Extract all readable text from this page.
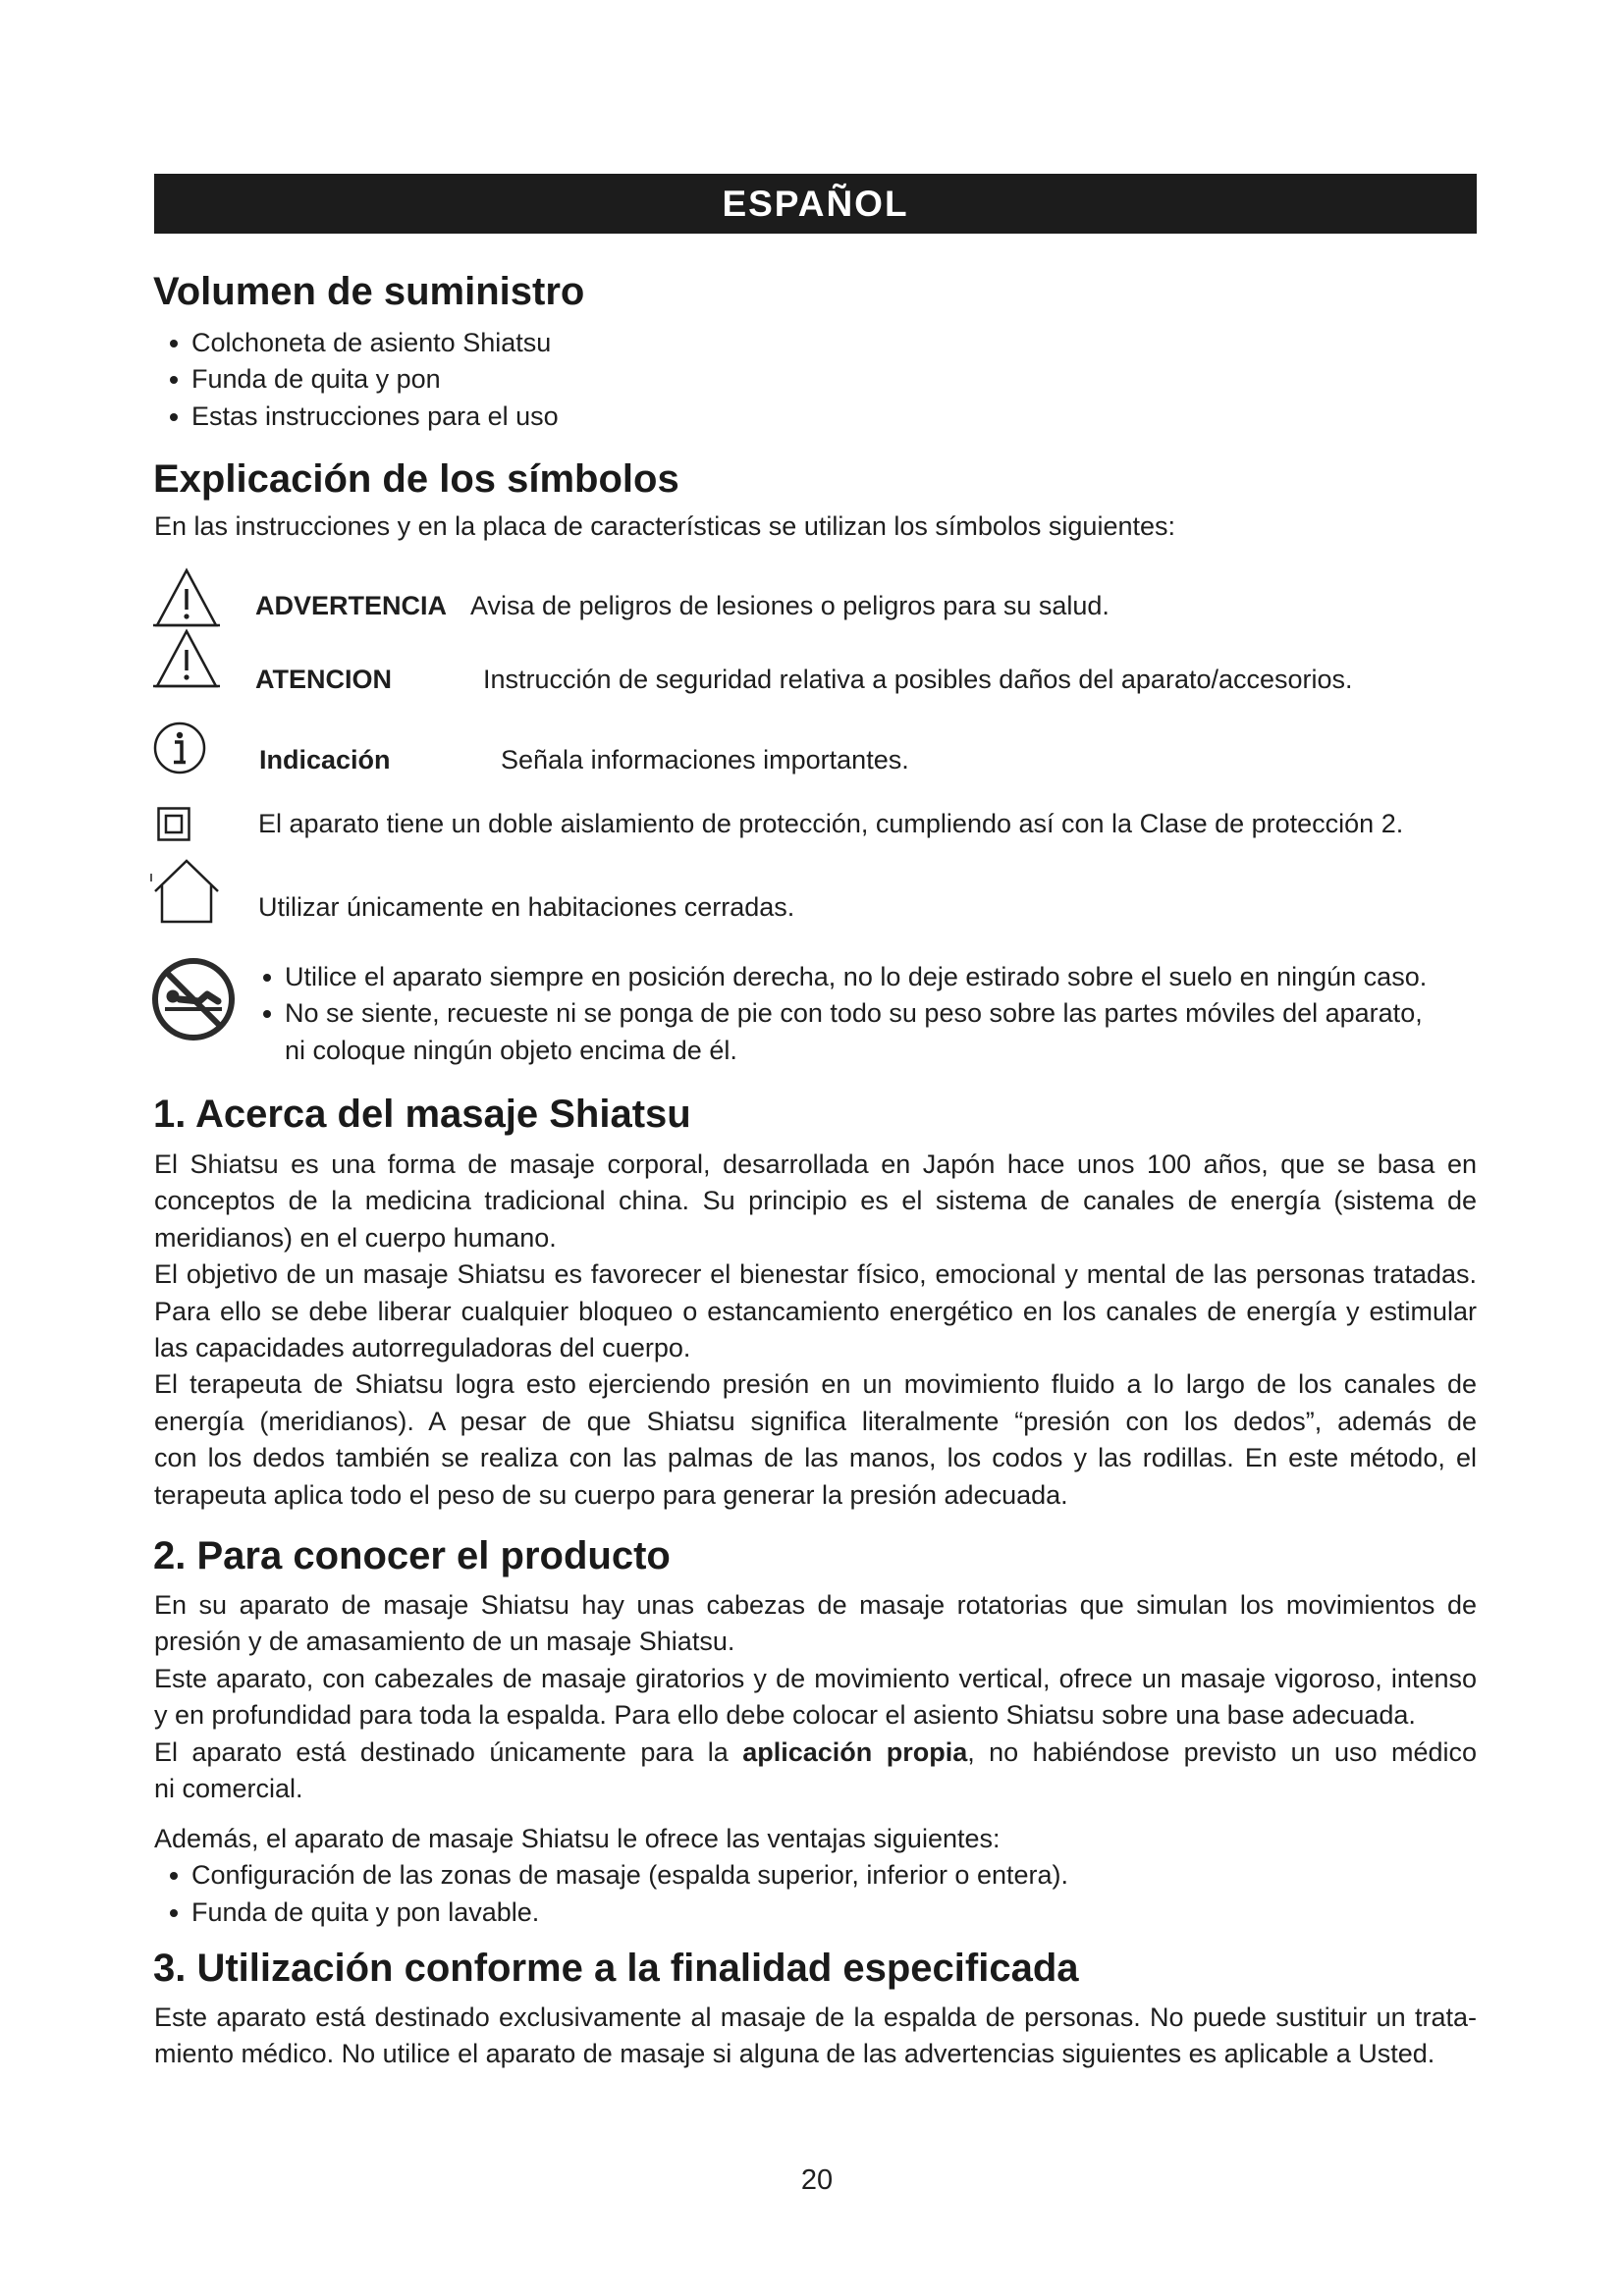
ESPAÑOL
Volumen de suministro
Colchoneta de asiento Shiatsu
Funda de quita y pon
Estas instrucciones para el uso
Explicación de los símbolos
En las instrucciones y en la placa de características se utilizan los símbolos siguientes:
ADVERTENCIA Avisa de peligros de lesiones o peligros para su salud.
ATENCION	Instrucción de seguridad relativa a posibles daños del aparato/accesorios.
Indicación	Señala informaciones importantes.
El aparato tiene un doble aislamiento de protección, cumpliendo así con la Clase de protección 2.
Utilizar únicamente en habitaciones cerradas.
Utilice el aparato siempre en posición derecha, no lo deje estirado sobre el suelo en ningún caso.
No se siente, recueste ni se ponga de pie con todo su peso sobre las partes móviles del aparato,
ni coloque ningún objeto encima de él.
1. Acerca del masaje Shiatsu
El Shiatsu es una forma de masaje corporal, desarrollada en Japón hace unos 100 años, que se basa en
conceptos de la medicina tradicional china. Su principio es el sistema de canales de energía (sistema de
meridianos) en el cuerpo humano.
El objetivo de un masaje Shiatsu es favorecer el bienestar físico, emocional y mental de las personas tratadas.
Para ello se debe liberar cualquier bloqueo o estancamiento energético en los canales de energía y estimular
las capacidades autorreguladoras del cuerpo.
El terapeuta de Shiatsu logra esto ejerciendo presión en un movimiento fluido a lo largo de los canales de
energía (meridianos). A pesar de que Shiatsu significa literalmente “presión con los dedos”, además de
con los dedos también se realiza con las palmas de las manos, los codos y las rodillas. En este método, el
terapeuta aplica todo el peso de su cuerpo para generar la presión adecuada.
2. Para conocer el producto
En su aparato de masaje Shiatsu hay unas cabezas de masaje rotatorias que simulan los movimientos de
presión y de amasamiento de un masaje Shiatsu.
Este aparato, con cabezales de masaje giratorios y de movimiento vertical, ofrece un masaje vigoroso, intenso
y en profundidad para toda la espalda. Para ello debe colocar el asiento Shiatsu sobre una base adecuada.
El aparato está destinado únicamente para la aplicación propia, no habiéndose previsto un uso médico
ni comercial.
Además, el aparato de masaje Shiatsu le ofrece las ventajas siguientes:
Configuración de las zonas de masaje (espalda superior, inferior o entera).
Funda de quita y pon lavable.
3. Utilización conforme a la finalidad especificada
Este aparato está destinado exclusivamente al masaje de la espalda de personas. No puede sustituir un trata-
miento médico. No utilice el aparato de masaje si alguna de las advertencias siguientes es aplicable a Usted.
20
